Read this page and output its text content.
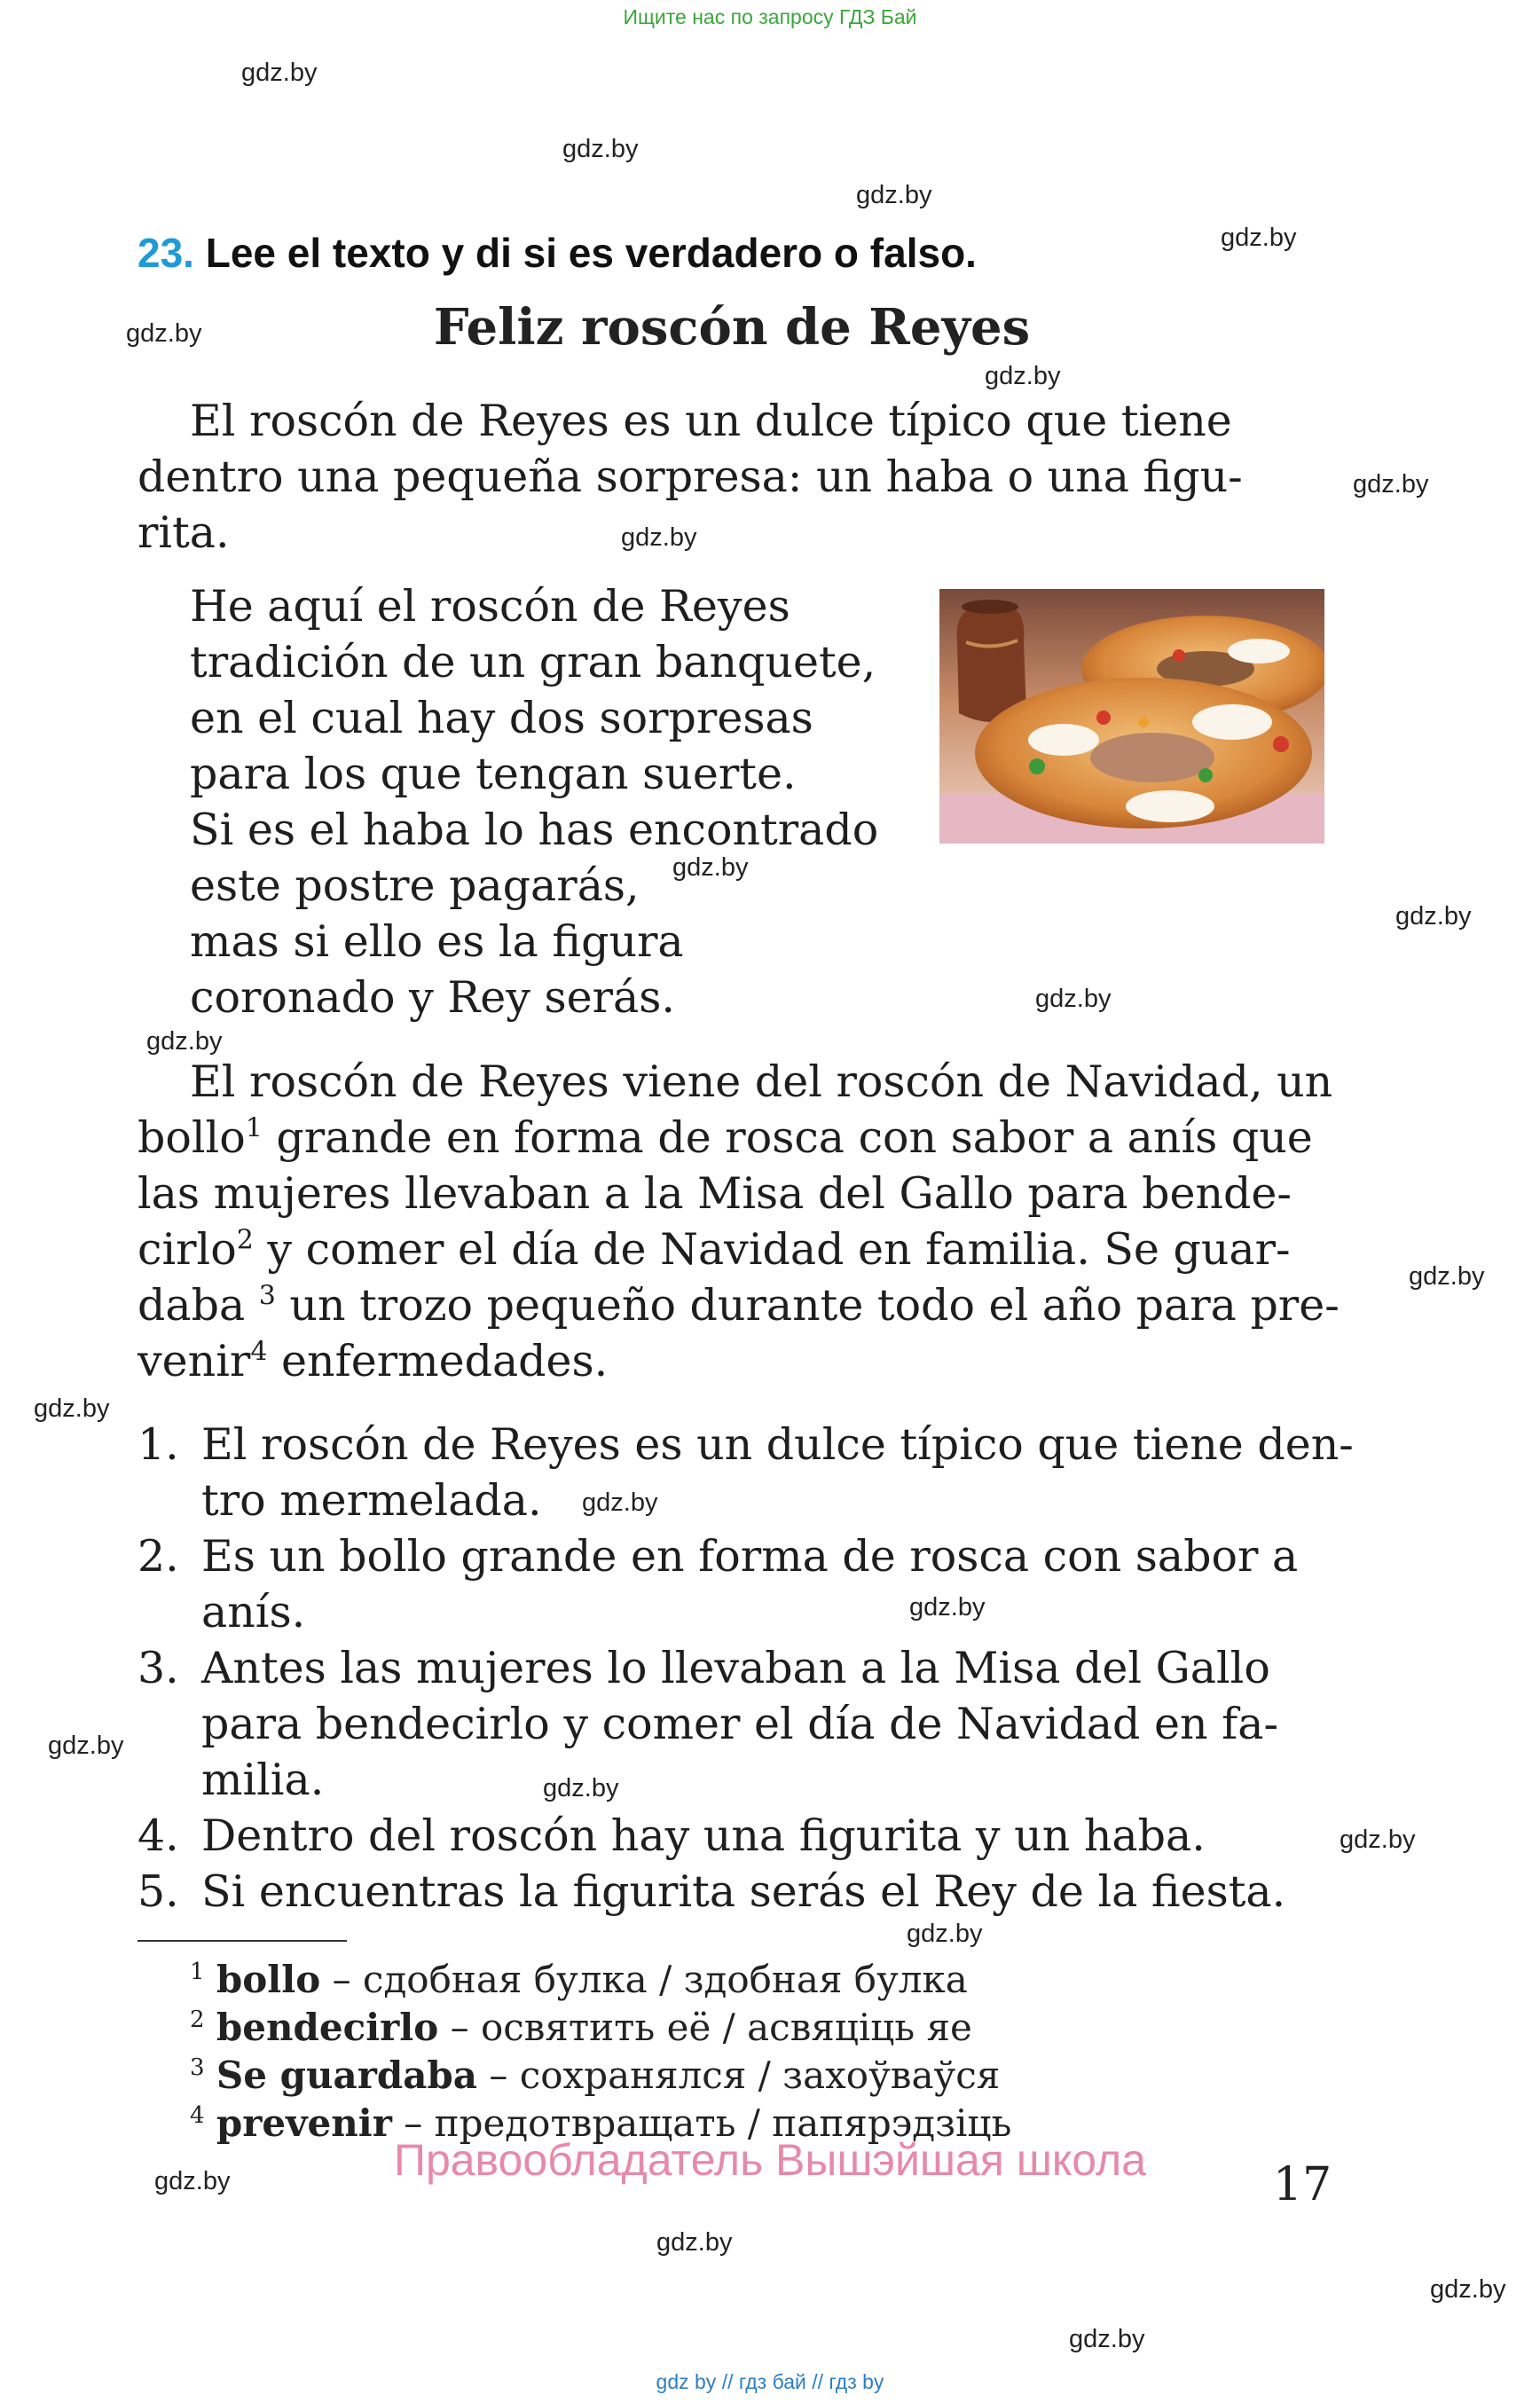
Ищите нас по запросу ГДЗ Бай
gdz.by
gdz.by
gdz.by
gdz.by
gdz.by
gdz.by
gdz.by
gdz.by
gdz.by
gdz.by
gdz.by
gdz.by
gdz.by
gdz.by
gdz.by
gdz.by
gdz.by
gdz.by
gdz.by
gdz.by
gdz.by
gdz.by
gdz.by
gdz.by
23. Lee el texto y di si es verdadero o falso.
Feliz roscón de Reyes
El roscón de Reyes es un dulce típico que tiene
dentro una pequeña sorpresa: un haba o una figu-
rita.
He aquí el roscón de Reyes
tradición de un gran banquete,
en el cual hay dos sorpresas
para los que tengan suerte.
Si es el haba lo has encontrado
este postre pagarás,
mas si ello es la figura
coronado y Rey serás.
El roscón de Reyes viene del roscón de Navidad, un
bollo$^1$ grande en forma de rosca con sabor a anís que
las mujeres llevaban a la Misa del Gallo para bende-
cirlo$^2$ y comer el día de Navidad en familia. Se guar-
daba $^3$ un trozo pequeño durante todo el año para pre-
venir$^4$ enfermedades.
1. El roscón de Reyes es un dulce típico que tiene den-
tro mermelada.
2. Es un bollo grande en forma de rosca con sabor a
anís.
3. Antes las mujeres lo llevaban a la Misa del Gallo
para bendecirlo y comer el día de Navidad en fa-
milia.
4. Dentro del roscón hay una figurita y un haba.
5. Si encuentras la figurita serás el Rey de la fiesta.
$^1$ bollo – сдобная булка / здобная булка
$^2$ bendecirlo – освятить её / асвяціць яе
$^3$ Se guardaba – сохранялся / захоўваўся
$^4$ prevenir – предотвращать / папярэдзіць
Правообладатель Вышэйшая школа	17
gdz by // гдз бай // гдз by
